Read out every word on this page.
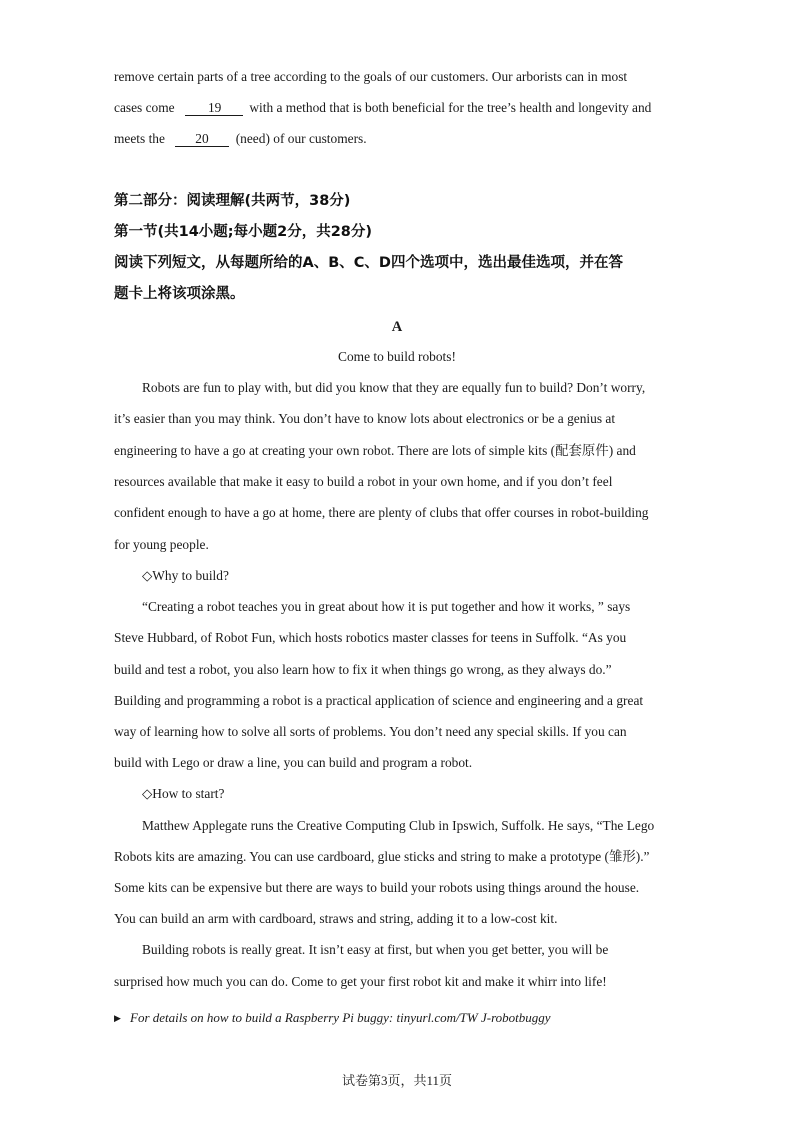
remove certain parts of a tree according to the goals of our customers. Our arborists can in most
cases come 19 with a method that is both beneficial for the tree’s health and longevity and
meets the 20 (need) of our customers.
第二部分：阅读理解(共两节，38分)
第一节(共14小题;每小题2分，共28分)
阅读下列短文，从每题所给的A、B、C、D四个选项中，选出最佳选项，并在答
题卡上将该项涂黑。
A
Come to build robots!
Robots are fun to play with, but did you know that they are equally fun to build? Don’t worry,
it’s easier than you may think. You don’t have to know lots about electronics or be a genius at
engineering to have a go at creating your own robot. There are lots of simple kits (配套原件) and
resources available that make it easy to build a robot in your own home, and if you don’t feel
confident enough to have a go at home, there are plenty of clubs that offer courses in robot-building
for young people.
◇Why to build?
“Creating a robot teaches you in great about how it is put together and how it works, ” says
Steve Hubbard, of Robot Fun, which hosts robotics master classes for teens in Suffolk. “As you
build and test a robot, you also learn how to fix it when things go wrong, as they always do.”
Building and programming a robot is a practical application of science and engineering and a great
way of learning how to solve all sorts of problems. You don’t need any special skills. If you can
build with Lego or draw a line, you can build and program a robot.
◇How to start?
Matthew Applegate runs the Creative Computing Club in Ipswich, Suffolk. He says, “The Lego
Robots kits are amazing. You can use cardboard, glue sticks and string to make a prototype (雏形).”
Some kits can be expensive but there are ways to build your robots using things around the house.
You can build an arm with cardboard, straws and string, adding it to a low-cost kit.
Building robots is really great. It isn’t easy at first, but when you get better, you will be
surprised how much you can do. Come to get your first robot kit and make it whirr into life!
▶ For details on how to build a Raspberry Pi buggy: tinyurl.com/TW J-robotbuggy
试卷第3页，共11页
